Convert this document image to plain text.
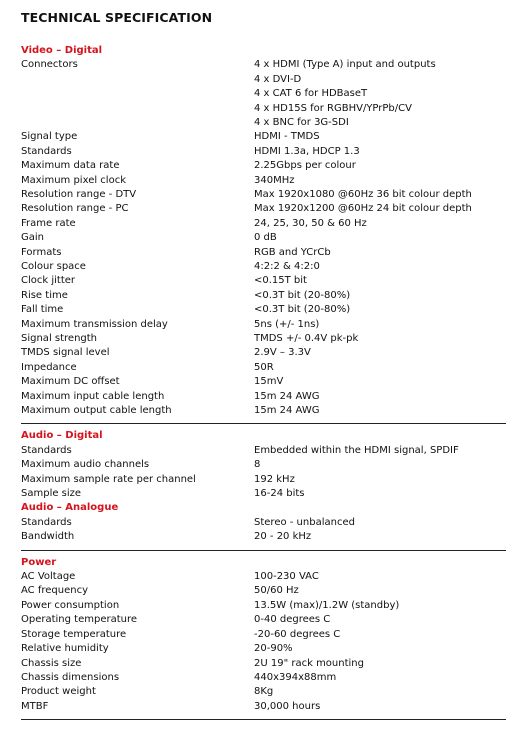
TECHNICAL SPECIFICATION
Video – Digital
Connectors	4 x HDMI (Type A) input and outputs
4 x DVI-D
4 x CAT 6 for HDBaseT
4 x HD15S for RGBHV/YPrPb/CV
4 x BNC for 3G-SDI
Signal type	HDMI - TMDS
Standards	HDMI 1.3a, HDCP 1.3
Maximum data rate	2.25Gbps per colour
Maximum pixel clock	340MHz
Resolution range - DTV	Max 1920x1080 @60Hz 36 bit colour depth
Resolution range - PC	Max 1920x1200 @60Hz 24 bit colour depth
Frame rate	24, 25, 30, 50 & 60 Hz
Gain	0 dB
Formats	RGB and YCrCb
Colour space	4:2:2 & 4:2:0
Clock jitter	<0.15T bit
Rise time	<0.3T bit (20-80%)
Fall time	<0.3T bit (20-80%)
Maximum transmission delay	5ns (+/- 1ns)
Signal strength	TMDS +/- 0.4V pk-pk
TMDS signal level	2.9V – 3.3V
Impedance	50R
Maximum DC offset	15mV
Maximum input cable length	15m 24 AWG
Maximum output cable length	15m 24 AWG
Audio – Digital
Standards	Embedded within the HDMI signal, SPDIF
Maximum audio channels	8
Maximum sample rate per channel	192 kHz
Sample size	16-24 bits
Audio – Analogue
Standards	Stereo - unbalanced
Bandwidth	20 - 20 kHz
Power
AC Voltage	100-230 VAC
AC frequency	50/60 Hz
Power consumption	13.5W (max)/1.2W (standby)
Operating temperature	0-40 degrees C
Storage temperature	-20-60 degrees C
Relative humidity	20-90%
Chassis size	2U 19" rack mounting
Chassis dimensions	440x394x88mm
Product weight	8Kg
MTBF	30,000 hours
